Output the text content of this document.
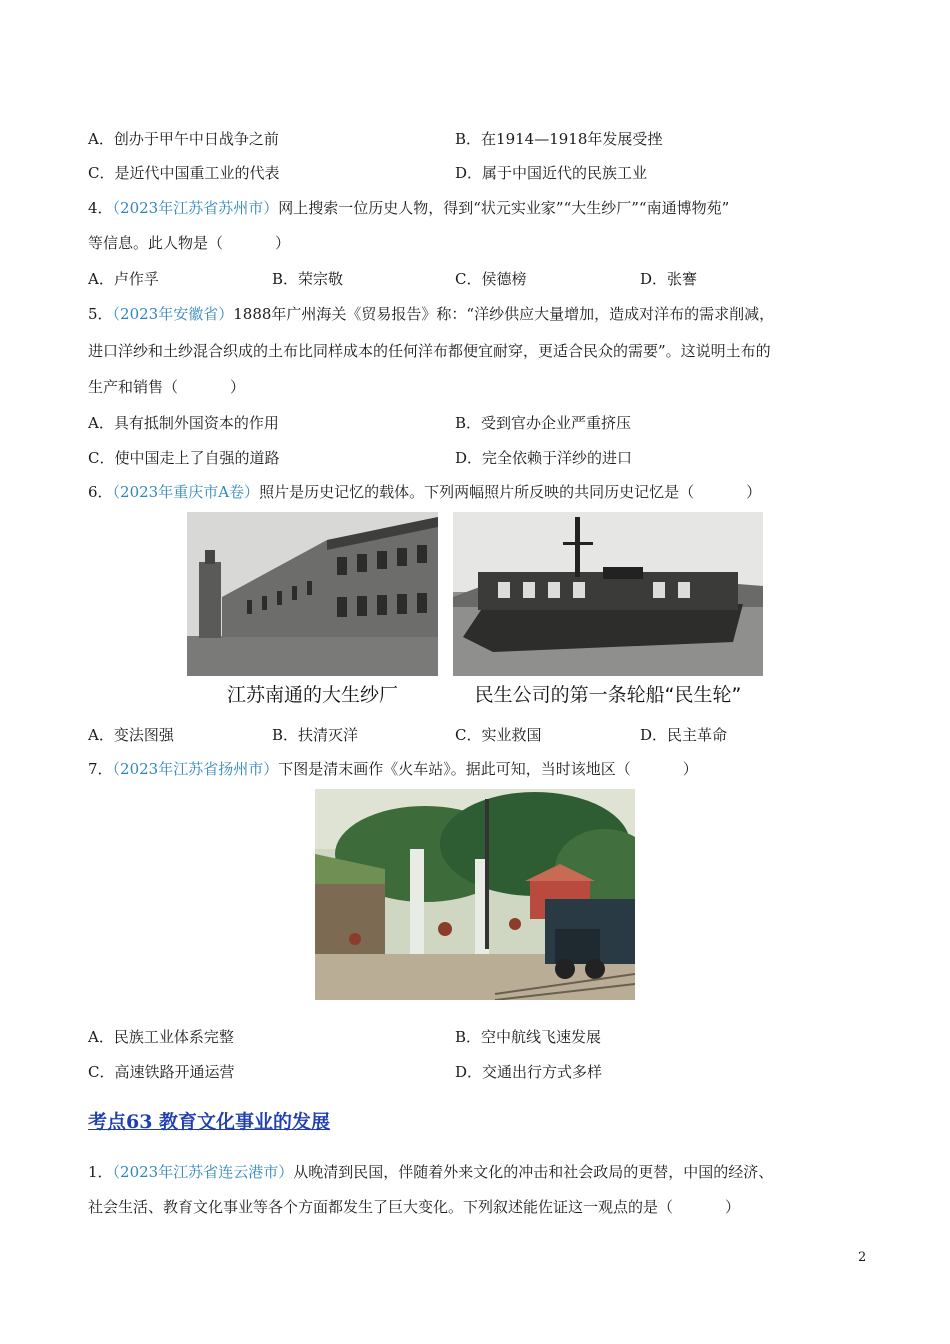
A．创办于甲午中日战争之前	B．在1914—1918年发展受挫
C．是近代中国重工业的代表	D．属于中国近代的民族工业
4．（2023年江苏省苏州市）网上搜索一位历史人物，得到“状元实业家”“大生纱厂”“南通博物苑”
等信息。此人物是（	）
A．卢作孚	B．荣宗敬	C．侯德榜	D．张謇
5．（2023年安徽省）1888年广州海关《贸易报告》称：“洋纱供应大量增加，造成对洋布的需求削减，
进口洋纱和土纱混合织成的土布比同样成本的任何洋布都便宜耐穿，更适合民众的需要”。这说明土布的
生产和销售（	）
A．具有抵制外国资本的作用	B．受到官办企业严重挤压
C．使中国走上了自强的道路	D．完全依赖于洋纱的进口
6．（2023年重庆市A卷）照片是历史记忆的载体。下列两幅照片所反映的共同历史记忆是（	）
江苏南通的大生纱厂	民生公司的第一条轮船“民生轮”
A．变法图强	B．扶清灭洋	C．实业救国	D．民主革命
7．（2023年江苏省扬州市）下图是清末画作《火车站》。据此可知，当时该地区（	）
A．民族工业体系完整	B．空中航线飞速发展
C．高速铁路开通运营	D．交通出行方式多样
考点63 教育文化事业的发展
1．（2023年江苏省连云港市）从晚清到民国，伴随着外来文化的冲击和社会政局的更替，中国的经济、
社会生活、教育文化事业等各个方面都发生了巨大变化。下列叙述能佐证这一观点的是（	）
2
